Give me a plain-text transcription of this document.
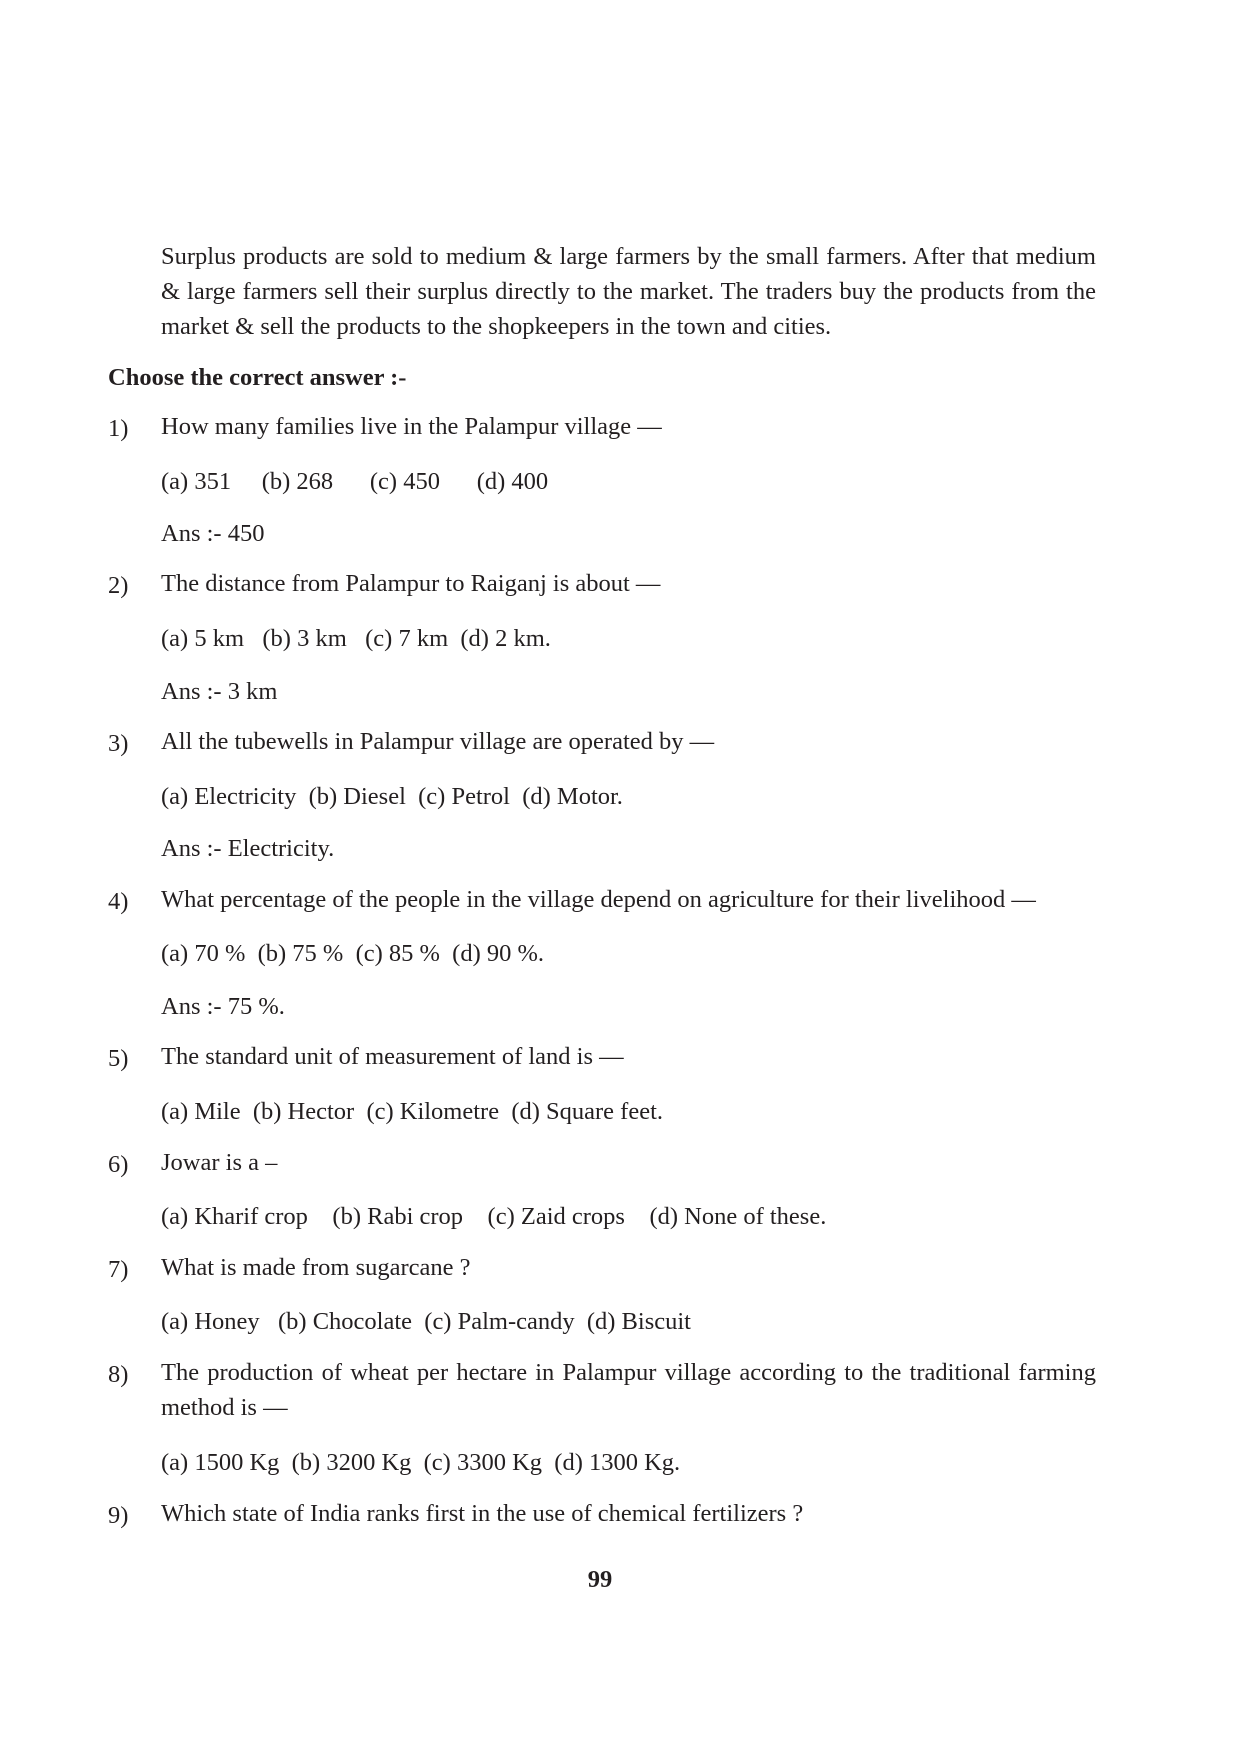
Surplus products are sold to medium & large farmers by the small farmers. After that medium & large farmers sell their surplus directly to the market. The traders buy the products from the market & sell the products to the shopkeepers in the town and cities.

Choose the correct answer :-

1) How many families live in the Palampur village —
(a) 351     (b) 268      (c) 450      (d) 400
Ans :- 450
2) The distance from Palampur to Raiganj is about —
(a) 5 km   (b) 3 km   (c) 7 km  (d) 2 km.
Ans :- 3 km
3) All the tubewells in Palampur village are operated by —
(a) Electricity  (b) Diesel  (c) Petrol  (d) Motor.
Ans :- Electricity.
4) What percentage of the people in the village depend on agriculture for their livelihood —
(a) 70 %  (b) 75 %  (c) 85 %  (d) 90 %.
Ans :- 75 %.
5) The standard unit of measurement of land is —
(a) Mile  (b) Hector  (c) Kilometre  (d) Square feet.
6) Jowar is a –
(a) Kharif crop    (b) Rabi crop    (c) Zaid crops    (d) None of these.
7) What is made from sugarcane ?
(a) Honey   (b) Chocolate  (c) Palm-candy  (d) Biscuit
8) The production of wheat per hectare in Palampur village according to the traditional farming method is —
(a) 1500 Kg  (b) 3200 Kg  (c) 3300 Kg  (d) 1300 Kg.
9) Which state of India ranks first in the use of chemical fertilizers ?
99
